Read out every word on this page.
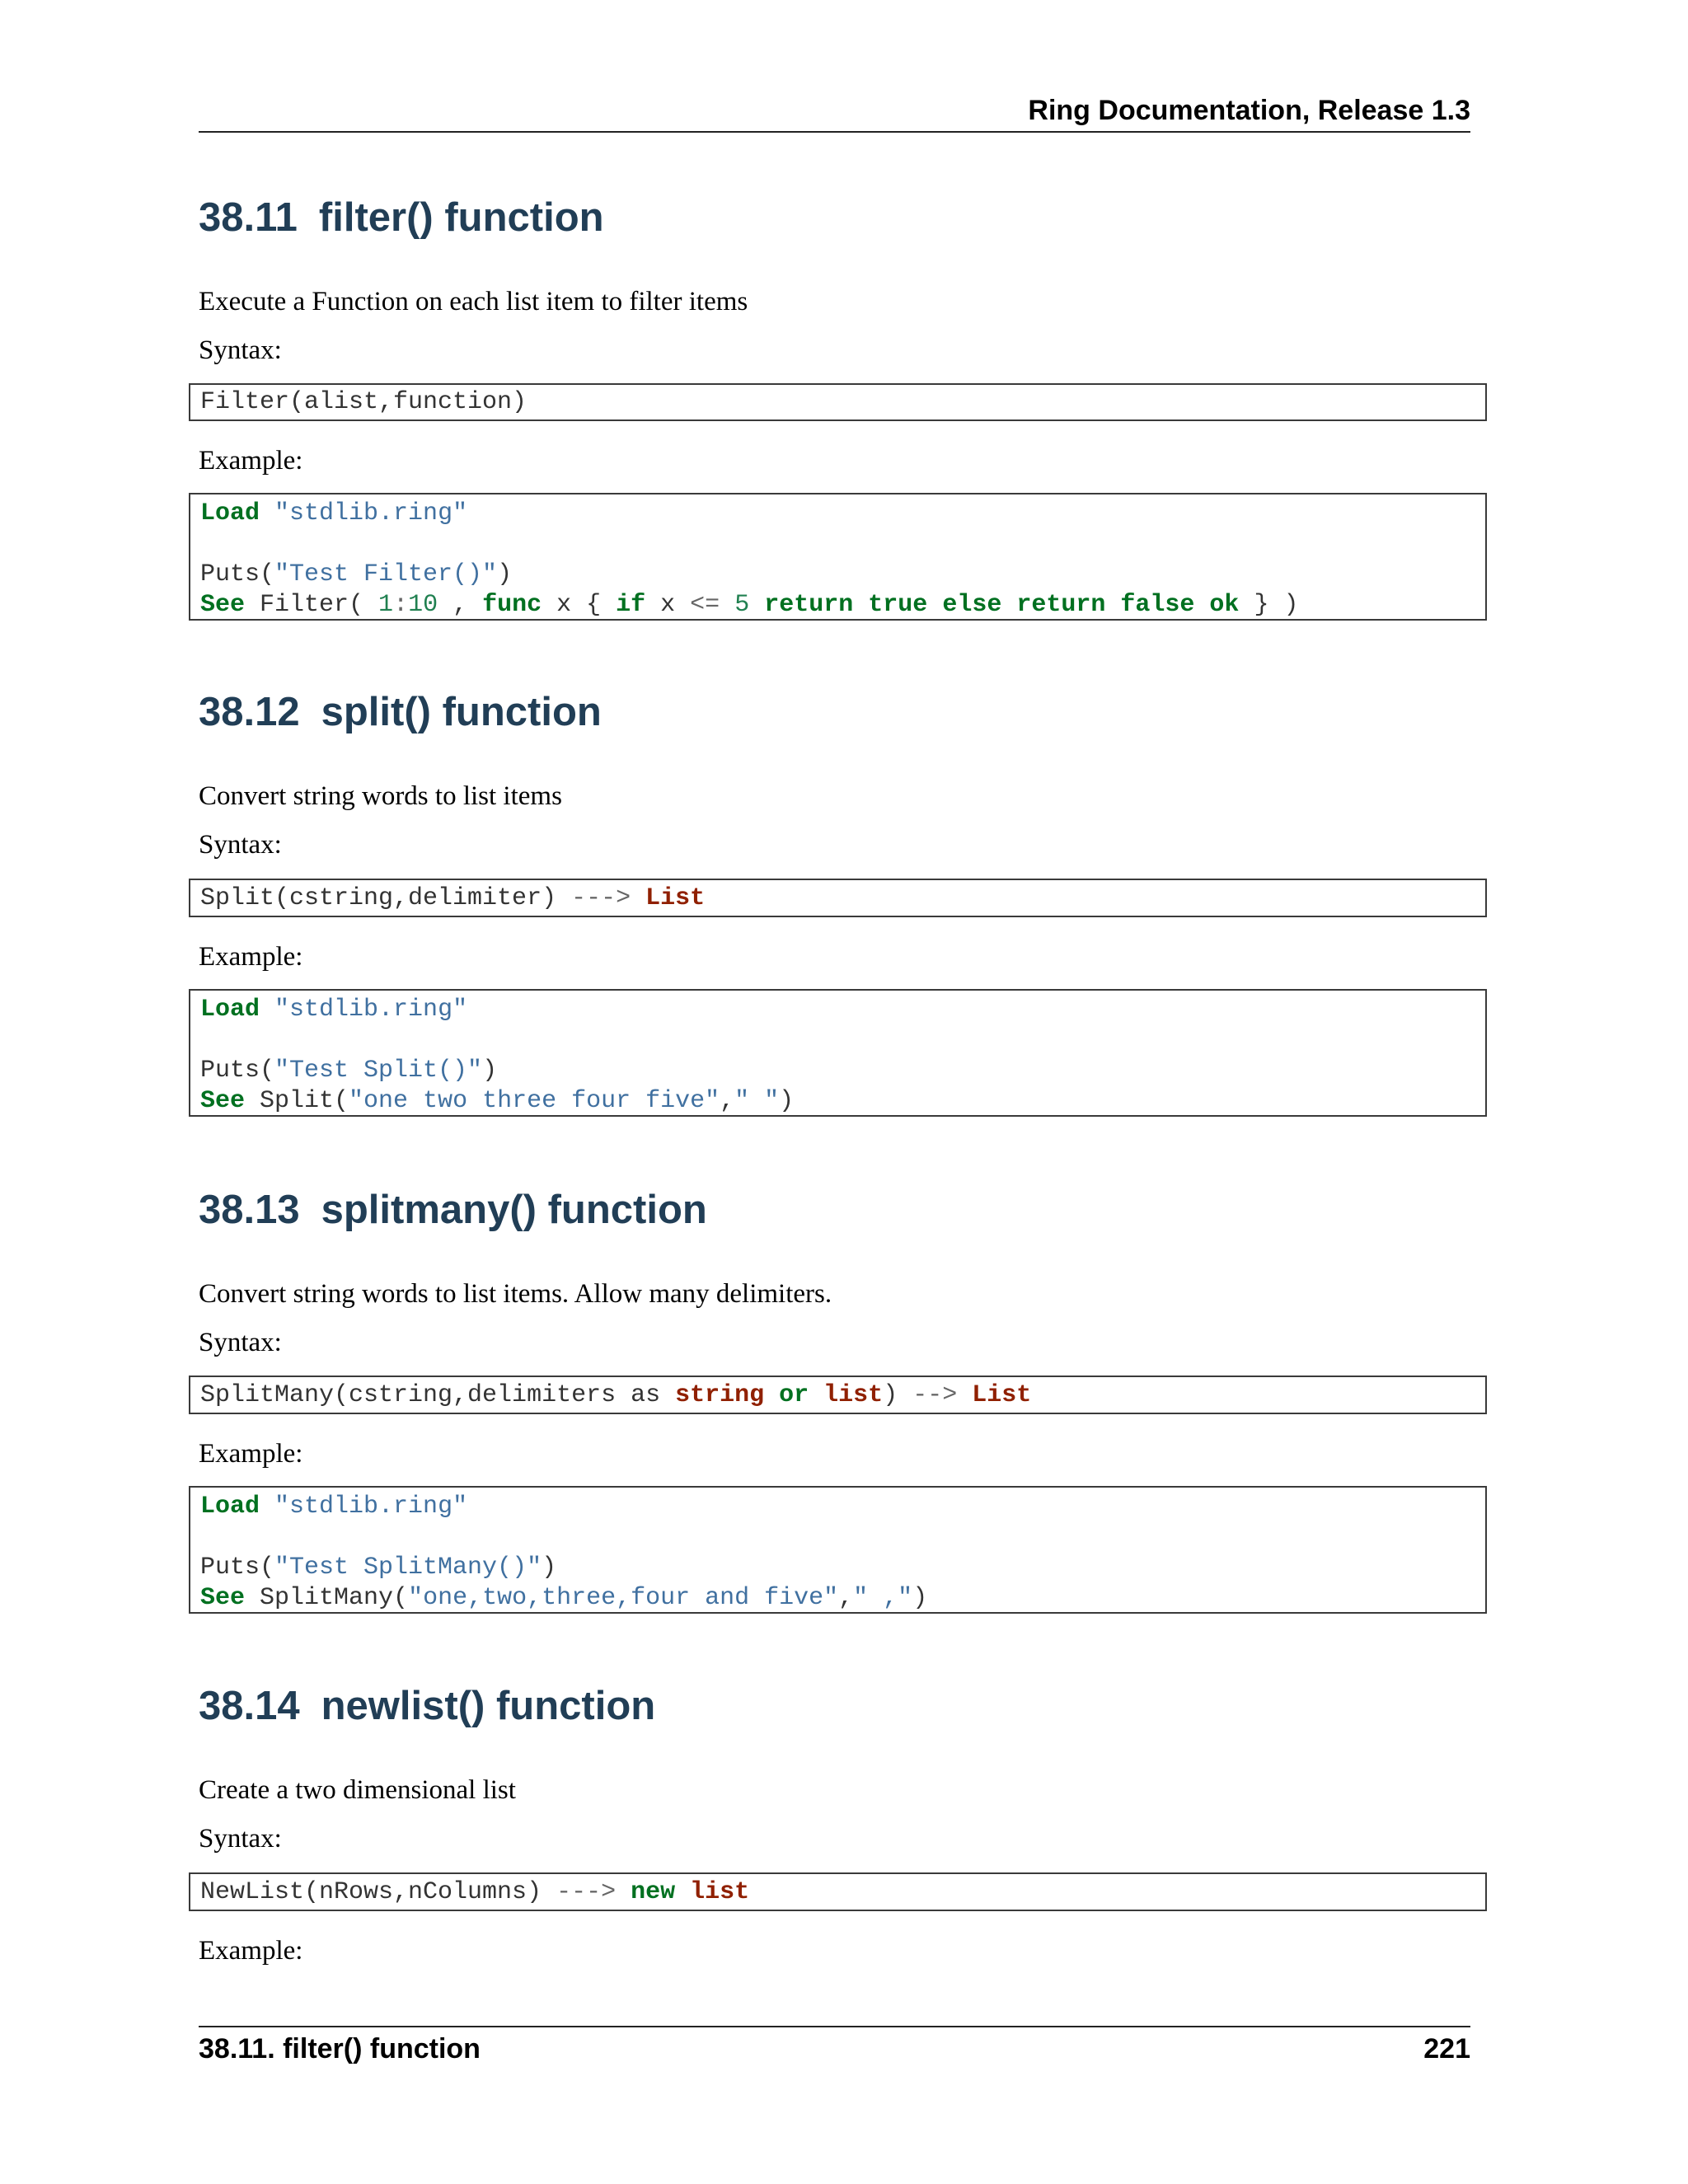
Ring Documentation, Release 1.3
38.11 filter() function

Execute a Function on each list item to filter items

Syntax:

Filter(alist,function)

Example:

Load "stdlib.ring"

Puts("Test Filter()")
See Filter( 1:10 , func x { if x <= 5 return true else return false ok } )
38.12 split() function

Convert string words to list items

Syntax:

Split(cstring,delimiter) ---> List

Example:

Load "stdlib.ring"

Puts("Test Split()")
See Split("one two three four five"," ")
38.13 splitmany() function

Convert string words to list items. Allow many delimiters.

Syntax:

SplitMany(cstring,delimiters as string or list) --> List

Example:

Load "stdlib.ring"

Puts("Test SplitMany()")
See SplitMany("one,two,three,four and five"," ,")
38.14 newlist() function

Create a two dimensional list

Syntax:

NewList(nRows,nColumns) ---> new list

Example:

38.11. filter() function	221
